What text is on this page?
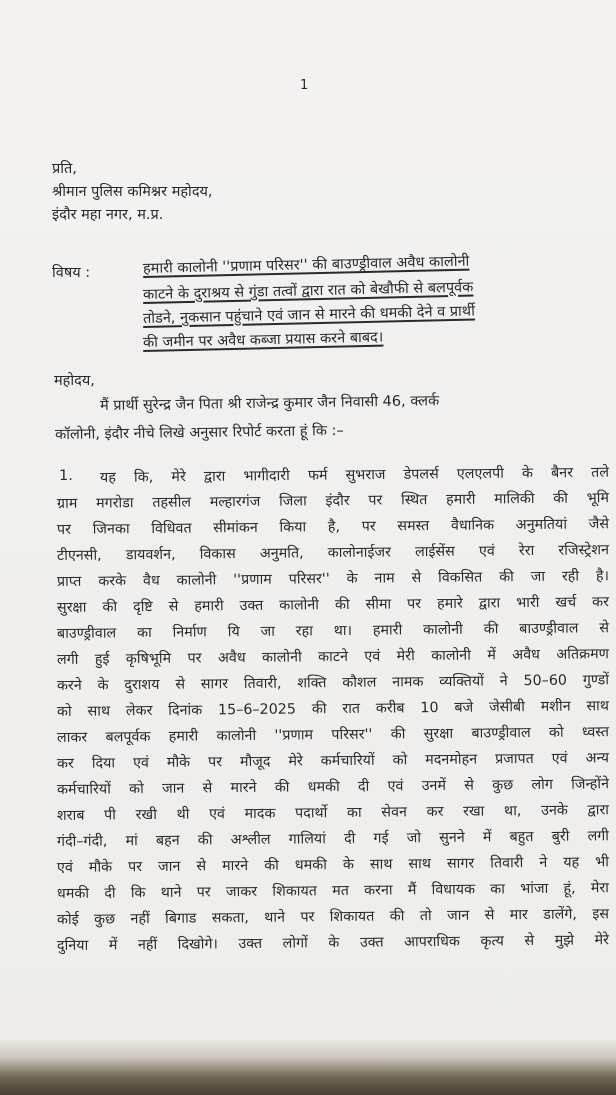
1
प्रति,
श्रीमान पुलिस कमिश्नर महोदय,
इंदौर महा नगर, म.प्र.
विषय :	हमारी कालोनी ''प्रणाम परिसर'' की बाउण्ड्रीवाल अवैध कालोनी
काटने के दुराश्रय से गुंडा तत्वों द्वारा रात को बेखौफी से बलपूर्वक
तोडने, नुकसान पहुंचाने एवं जान से मारने की धमकी देने व प्रार्थी
की जमीन पर अवैध कब्जा प्रयास करने बाबद।
महोदय,
मैं प्रार्थी सुरेन्द्र जैन पिता श्री राजेन्द्र कुमार जैन निवासी 46, क्लर्क
कॉलोनी, इंदौर नीचे लिखे अनुसार रिपोर्ट करता हूं कि :–
1. यह कि, मेरे द्वारा भागीदारी फर्म सुभराज डेपलर्स एलएलपी के बैनर तले
ग्राम मगरोडा तहसील मल्हारगंज जिला इंदौर पर स्थित हमारी मालिकी की भूमि
पर जिनका विधिवत सीमांकन किया है, पर समस्त वैधानिक अनुमतियां जैसे
टीएनसी, डायवर्शन, विकास अनुमति, कालोनाईजर लाईसेंस एवं रेरा रजिस्ट्रेशन
प्राप्त करके वैध कालोनी ''प्रणाम परिसर'' के नाम से विकसित की जा रही है।
सुरक्षा की दृष्टि से हमारी उक्त कालोनी की सीमा पर हमारे द्वारा भारी खर्च कर
बाउण्ड्रीवाल का निर्माण यि जा रहा था। हमारी कालोनी की बाउण्ड्रीवाल से
लगी हुई कृषिभूमि पर अवैध कालोनी काटने एवं मेरी कालोनी में अवैध अतिक्रमण
करने के दुराशय से सागर तिवारी, शक्ति कौशल नामक व्यक्तियों ने 50–60 गुण्डों
को साथ लेकर दिनांक 15–6–2025 की रात करीब 10 बजे जेसीबी मशीन साथ
लाकर बलपूर्वक हमारी कालोनी ''प्रणाम परिसर'' की सुरक्षा बाउण्ड्रीवाल को ध्वस्त
कर दिया एवं मौके पर मौजूद मेरे कर्मचारियों को मदनमोहन प्रजापत एवं अन्य
कर्मचारियों को जान से मारने की धमकी दी एवं उनमें से कुछ लोग जिन्होंने
शराब पी रखी थी एवं मादक पदार्थो का सेवन कर रखा था, उनके द्वारा
गंदी–गंदी, मां बहन की अश्लील गालियां दी गई जो सुनने में बहुत बुरी लगी
एवं मौके पर जान से मारने की धमकी के साथ साथ सागर तिवारी ने यह भी
धमकी दी कि थाने पर जाकर शिकायत मत करना मैं विधायक का भांजा हूं, मेरा
कोई कुछ नहीं बिगाड सकता, थाने पर शिकायत की तो जान से मार डालेंगे, इस
दुनिया में नहीं दिखोगे। उक्त लोगों के उक्त आपराधिक कृत्य से मुझे मेरे
